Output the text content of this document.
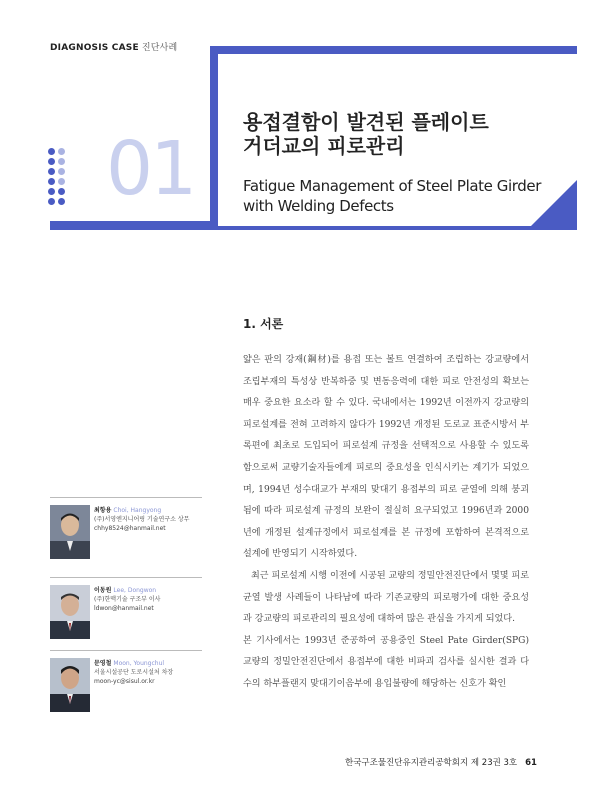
DIAGNOSIS CASE 진단사례
01
용접결함이 발견된 플레이트
거더교의 피로관리
Fatigue Management of Steel Plate Girder
with Welding Defects
1. 서론

얇은 판의 강재(鋼材)를 용접 또는 볼트 연결하여 조립하는 강교량에서 조립부재의 특성상 반복하중 및 변동응력에 대한 피로 안전성의 확보는 매우 중요한 요소라 할 수 있다. 국내에서는 1992년 이전까지 강교량의 피로설계를 전혀 고려하지 않다가 1992년 개정된 도로교 표준시방서 부록편에 최초로 도입되어 피로설계 규정을 선택적으로 사용할 수 있도록 함으로써 교량기술자들에게 피로의 중요성을 인식시키는 계기가 되었으며, 1994년 성수대교가 부재의 맞대기 용접부의 피로 균열에 의해 붕괴됨에 따라 피로설계 규정의 보완이 절실히 요구되었고 1996년과 2000년에 개정된 설계규정에서 피로설계를 본 규정에 포함하여 본격적으로 설계에 반영되기 시작하였다.

최근 피로설계 시행 이전에 시공된 교량의 정밀안전진단에서 몇몇 피로균열 발생 사례들이 나타남에 따라 기존교량의 피로평가에 대한 중요성과 강교량의 피로관리의 필요성에 대하여 많은 관심을 가지게 되었다.

본 기사에서는 1993년 준공하여 공용중인 Steel Pate Girder(SPG) 교량의 정밀안전진단에서 용접부에 대한 비파괴 검사를 실시한 결과 다수의 하부플랜지 맞대기이음부에 용입불량에 해당하는 신호가 확인

최항용 Choi, Hangyong
(주)서영엔지니어링 기술연구소 상무
chhy8524@hanmail.net
이동원 Lee, Dongwon
(주)한맥기술 구조부 이사
ldwon@hanmail.net
문영철 Moon, Youngchul
서울시설공단 도로시설처 차장
moon-yc@sisul.or.kr
한국구조물진단유지관리공학회지 제 23권 3호 61
